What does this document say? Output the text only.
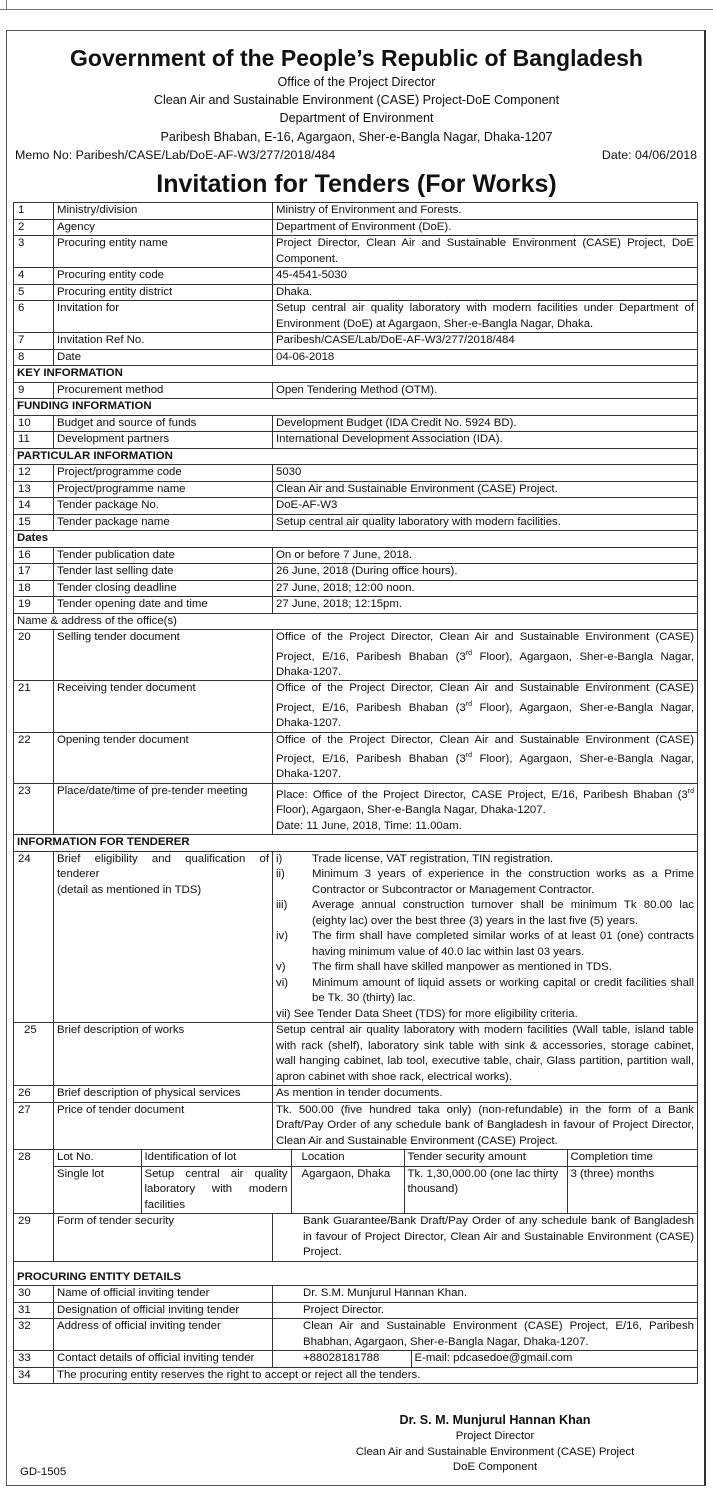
Government of the People’s Republic of Bangladesh
Office of the Project Director
Clean Air and Sustainable Environment (CASE) Project-DoE Component
Department of Environment
Paribesh Bhaban, E-16, Agargaon, Sher-e-Bangla Nagar, Dhaka-1207
Memo No: Paribesh/CASE/Lab/DoE-AF-W3/277/2018/484	Date: 04/06/2018
Invitation for Tenders (For Works)
1	Ministry/division	Ministry of Environment and Forests.
2	Agency	Department of Environment (DoE).
3	Procuring entity name	Project Director, Clean Air and Sustainable Environment (CASE) Project, DoE Component.
4	Procuring entity code	45-4541-5030
5	Procuring entity district	Dhaka.
6	Invitation for	Setup central air quality laboratory with modern facilities under Department of Environment (DoE) at Agargaon, Sher-e-Bangla Nagar, Dhaka.
7	Invitation Ref No.	Paribesh/CASE/Lab/DoE-AF-W3/277/2018/484
8	Date	04-06-2018
KEY INFORMATION
9	Procurement method	Open Tendering Method (OTM).
FUNDING INFORMATION
10	Budget and source of funds	Development Budget (IDA Credit No. 5924 BD).
11	Development partners	International Development Association (IDA).
PARTICULAR INFORMATION
12	Project/programme code	5030
13	Project/programme name	Clean Air and Sustainable Environment (CASE) Project.
14	Tender package No.	DoE-AF-W3
15	Tender package name	Setup central air quality laboratory with modern facilities.
Dates
16	Tender publication date	On or before 7 June, 2018.
17	Tender last selling date	26 June, 2018 (During office hours).
18	Tender closing deadline	27 June, 2018; 12:00 noon.
19	Tender opening date and time	27 June, 2018; 12:15pm.
Name & address of the office(s)
20	Selling tender document	Office of the Project Director, Clean Air and Sustainable Environment (CASE) Project, E/16, Paribesh Bhaban (3rd Floor), Agargaon, Sher-e-Bangla Nagar, Dhaka-1207.
21	Receiving tender document	Office of the Project Director, Clean Air and Sustainable Environment (CASE) Project, E/16, Paribesh Bhaban (3rd Floor), Agargaon, Sher-e-Bangla Nagar, Dhaka-1207.
22	Opening tender document	Office of the Project Director, Clean Air and Sustainable Environment (CASE) Project, E/16, Paribesh Bhaban (3rd Floor), Agargaon, Sher-e-Bangla Nagar, Dhaka-1207.
23	Place/date/time of pre-tender meeting	Place: Office of the Project Director, CASE Project, E/16, Paribesh Bhaban (3rd Floor), Agargaon, Sher-e-Bangla Nagar, Dhaka-1207.
Date: 11 June, 2018, Time: 11.00am.
INFORMATION FOR TENDERER
24	Brief eligibility and qualification of tenderer
(detail as mentioned in TDS)

i)	Trade license, VAT registration, TIN registration.
ii)	Minimum 3 years of experience in the construction works as a Prime Contractor or Subcontractor or Management Contractor.
iii)	Average annual construction turnover shall be minimum Tk 80.00 lac (eighty lac) over the best three (3) years in the last five (5) years.
iv)	The firm shall have completed similar works of at least 01 (one) contracts having minimum value of 40.0 lac within last 03 years.
v)	The firm shall have skilled manpower as mentioned in TDS.
vi)	Minimum amount of liquid assets or working capital or credit facilities shall be Tk. 30 (thirty) lac.
vii) See Tender Data Sheet (TDS) for more eligibility criteria.

25	Brief description of works	Setup central air quality laboratory with modern facilities (Wall table, island table with rack (shelf), laboratory sink table with sink & accessories, storage cabinet, wall hanging cabinet, lab tool, executive table, chair, Glass partition, partition wall, apron cabinet with shoe rack, electrical works).
26	Brief description of physical services	As mention in tender documents.
27	Price of tender document	Tk. 500.00 (five hundred taka only) (non-refundable) in the form of a Bank Draft/Pay Order of any schedule bank of Bangladesh in favour of Project Director, Clean Air and Sustainable Environment (CASE) Project.
28	Lot No.	Identification of lot	Location	Tender security amount	Completion time
Single lot	Setup central air quality laboratory with modern facilities	Agargaon, Dhaka	Tk. 1,30,000.00 (one lac thirty thousand)	3 (three) months

29	Form of tender security	Bank Guarantee/Bank Draft/Pay Order of any schedule bank of Bangladesh in favour of Project Director, Clean Air and Sustainable Environment (CASE) Project.
PROCURING ENTITY DETAILS
30	Name of official inviting tender	Dr. S.M. Munjurul Hannan Khan.
31	Designation of official inviting tender	Project Director.
32	Address of official inviting tender	Clean Air and Sustainable Environment (CASE) Project, E/16, Paribesh Bhabhan, Agargaon, Sher-e-Bangla Nagar, Dhaka-1207.
33	Contact details of official inviting tender		+88028181788	E-mail: pdcasedoe@gmail.com

34	The procuring entity reserves the right to accept or reject all the tenders.
Dr. S. M. Munjurul Hannan Khan
Project Director
Clean Air and Sustainable Environment (CASE) Project
DoE Component
GD-1505
